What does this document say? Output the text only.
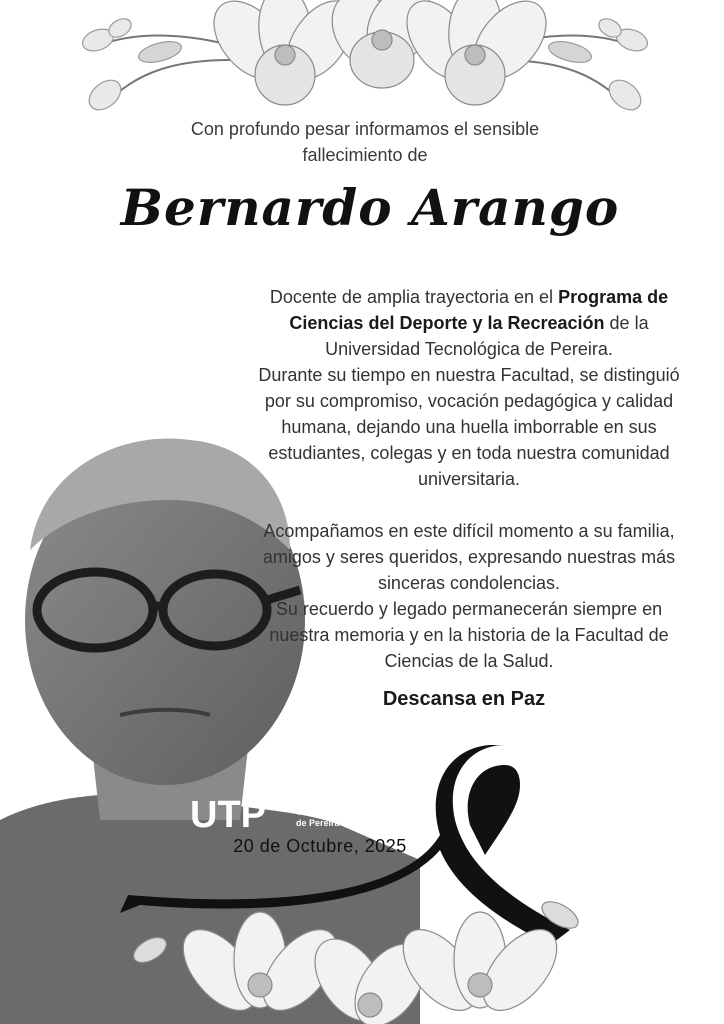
Con profundo pesar informamos el sensible fallecimiento de
Bernardo Arango

Docente de amplia trayectoria en el Programa de Ciencias del Deporte y la Recreación de la Universidad Tecnológica de Pereira.

Durante su tiempo en nuestra Facultad, se distinguió por su compromiso, vocación pedagógica y calidad humana, dejando una huella imborrable en sus estudiantes, colegas y en toda nuestra comunidad universitaria.

Acompañamos en este difícil momento a su familia, amigos y seres queridos, expresando nuestras más sinceras condolencias.

Su recuerdo y legado permanecerán siempre en nuestra memoria y en la historia de la Facultad de Ciencias de la Salud.

Descansa en Paz
UTP	Universidad
Tecnológica
de Pereira
Facultad
de Ciencias
de la Salud
20 de Octubre, 2025
